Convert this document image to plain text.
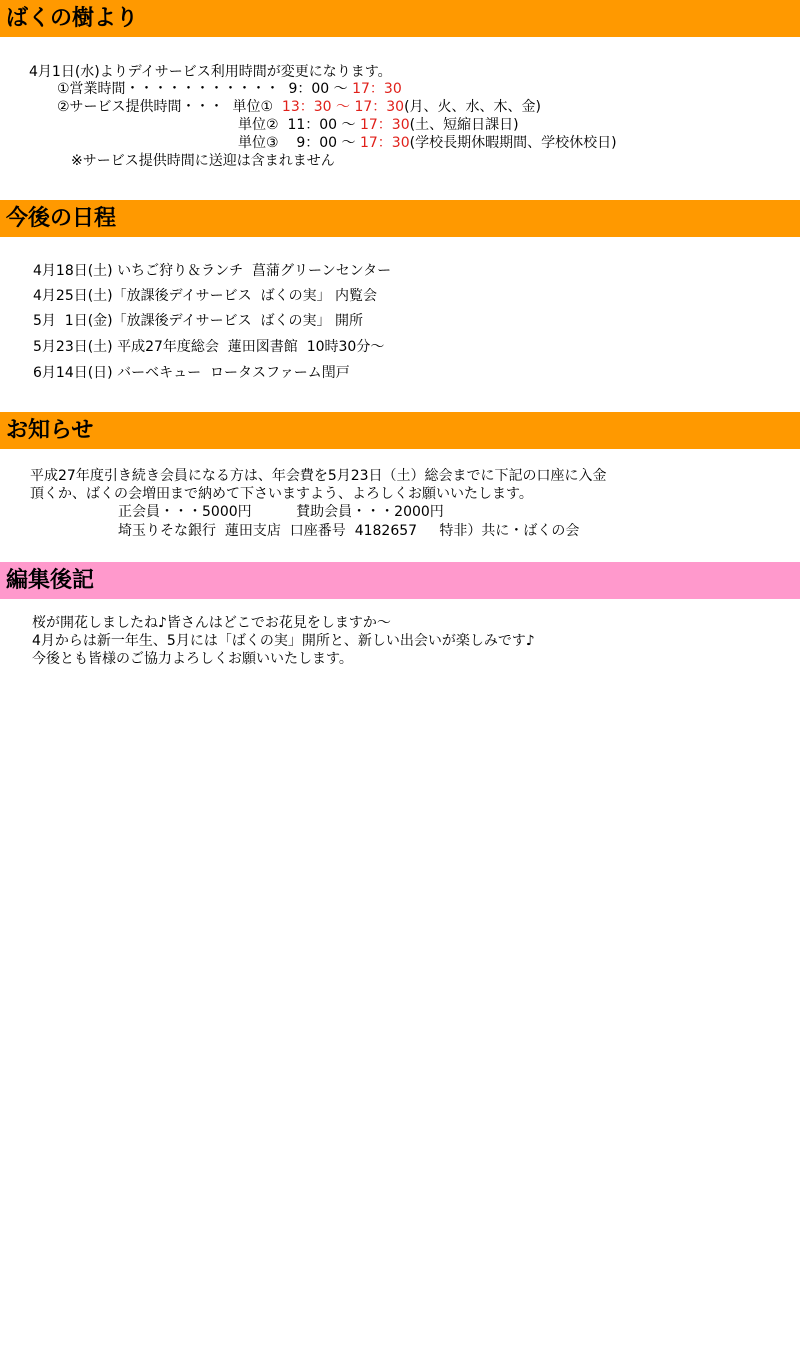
ばくの樹より
4月1日(水)よりデイサービス利用時間が変更になります。
①営業時間・・・・・・・・・・・ 9：00 ～ 17：30
②サービス提供時間・・・ 単位①  13：30 ～ 17：30(月、火、水、木、金)
単位②  11：00 ～ 17：30(土、短縮日課日)
単位③    9：00 ～ 17：30(学校長期休暇期間、学校休校日)
※サービス提供時間に送迎は含まれません
今後の日程
4月18日(土) いちご狩り＆ランチ  菖蒲グリーンセンター
4月25日(土)「放課後デイサービス  ばくの実」 内覧会
5月  1日(金)「放課後デイサービス  ばくの実」 開所
5月23日(土) 平成27年度総会  蓮田図書館  10時30分～
6月14日(日) バーベキュー  ロータスファーム閏戸
お知らせ
平成27年度引き続き会員になる方は、年会費を5月23日（土）総会までに下記の口座に入金
頂くか、ばくの会増田まで納めて下さいますよう、よろしくお願いいたします。
正会員・・・5000円	賛助会員・・・2000円
埼玉りそな銀行  蓮田支店  口座番号  4182657 特非）共に・ばくの会
編集後記
桜が開花しましたね♪皆さんはどこでお花見をしますか～
4月からは新一年生、5月には「ばくの実」開所と、新しい出会いが楽しみです♪
今後とも皆様のご協力よろしくお願いいたします。
